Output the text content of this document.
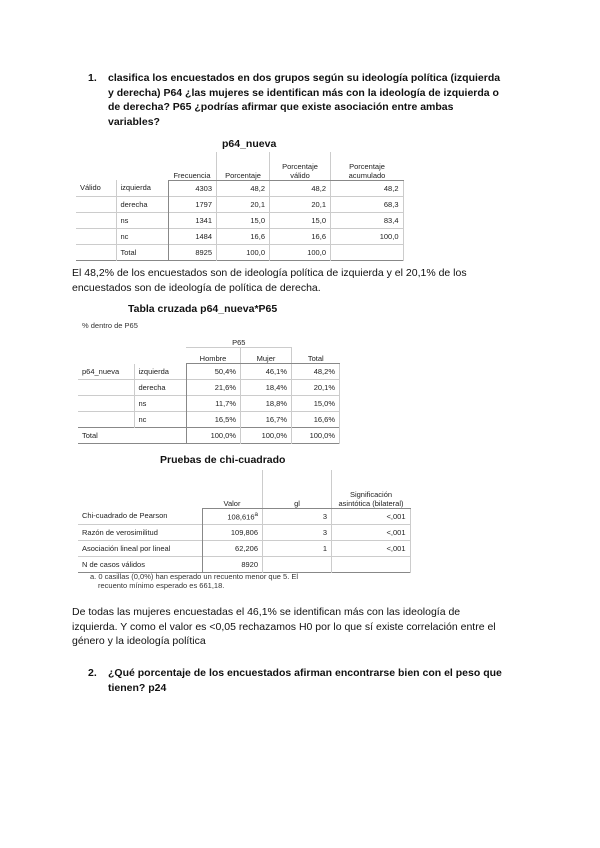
1. clasifica los encuestados en dos grupos según su ideología política (izquierda
y derecha) P64 ¿las mujeres se identifican más con la ideología de izquierda o
de derecha? P65 ¿podrías afirmar que existe asociación entre ambas
variables?
p64_nueva
		Frecuencia	Porcentaje	Porcentaje válido	Porcentaje acumulado
Válido	izquierda	4303	48,2	48,2	48,2
	derecha	1797	20,1	20,1	68,3
	ns	1341	15,0	15,0	83,4
	nc	1484	16,6	16,6	100,0
	Total	8925	100,0	100,0	
El 48,2% de los encuestados son de ideología política de izquierda y el 20,1% de los
encuestados son de ideología de política de derecha.
Tabla cruzada p64_nueva*P65
% dentro de P65
		P65		
		Hombre	Mujer	Total
p64_nueva	izquierda	50,4%	46,1%	48,2%
	derecha	21,6%	18,4%	20,1%
	ns	11,7%	18,8%	15,0%
	nc	16,5%	16,7%	16,6%
Total		100,0%	100,0%	100,0%
Pruebas de chi-cuadrado
	Valor	gl	Significación asintótica (bilateral)
Chi-cuadrado de Pearson	108,616$^a$	3	<,001
Razón de verosimilitud	109,806	3	<,001
Asociación lineal por lineal	62,206	1	<,001
N de casos válidos	8920		
a. 0 casillas (0,0%) han esperado un recuento menor que 5. El
recuento mínimo esperado es 661,18.
De todas las mujeres encuestadas el 46,1% se identifican más con las ideología de
izquierda. Y como el valor es <0,05 rechazamos H0 por lo que sí existe correlación entre el
género y la ideología política
2. ¿Qué porcentaje de los encuestados afirman encontrarse bien con el peso que
tienen? p24
